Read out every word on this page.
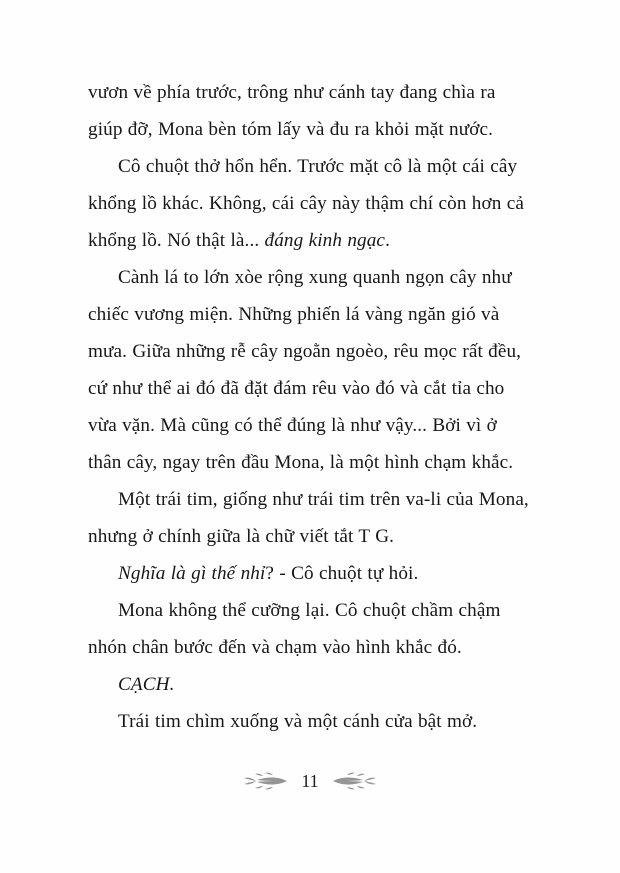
vươn về phía trước, trông như cánh tay đang chìa ra giúp đỡ, Mona bèn tóm lấy và đu ra khỏi mặt nước.

Cô chuột thở hổn hển. Trước mặt cô là một cái cây khổng lồ khác. Không, cái cây này thậm chí còn hơn cả khổng lồ. Nó thật là... đáng kinh ngạc.

Cành lá to lớn xòe rộng xung quanh ngọn cây như chiếc vương miện. Những phiến lá vàng ngăn gió và mưa. Giữa những rễ cây ngoằn ngoèo, rêu mọc rất đều, cứ như thể ai đó đã đặt đám rêu vào đó và cắt tỉa cho vừa vặn. Mà cũng có thể đúng là như vậy... Bởi vì ở thân cây, ngay trên đầu Mona, là một hình chạm khắc.

Một trái tim, giống như trái tim trên va-li của Mona, nhưng ở chính giữa là chữ viết tắt T G.

Nghĩa là gì thế nhỉ? - Cô chuột tự hỏi.

Mona không thể cưỡng lại. Cô chuột chầm chậm nhón chân bước đến và chạm vào hình khắc đó.

CẠCH.

Trái tim chìm xuống và một cánh cửa bật mở.

11
